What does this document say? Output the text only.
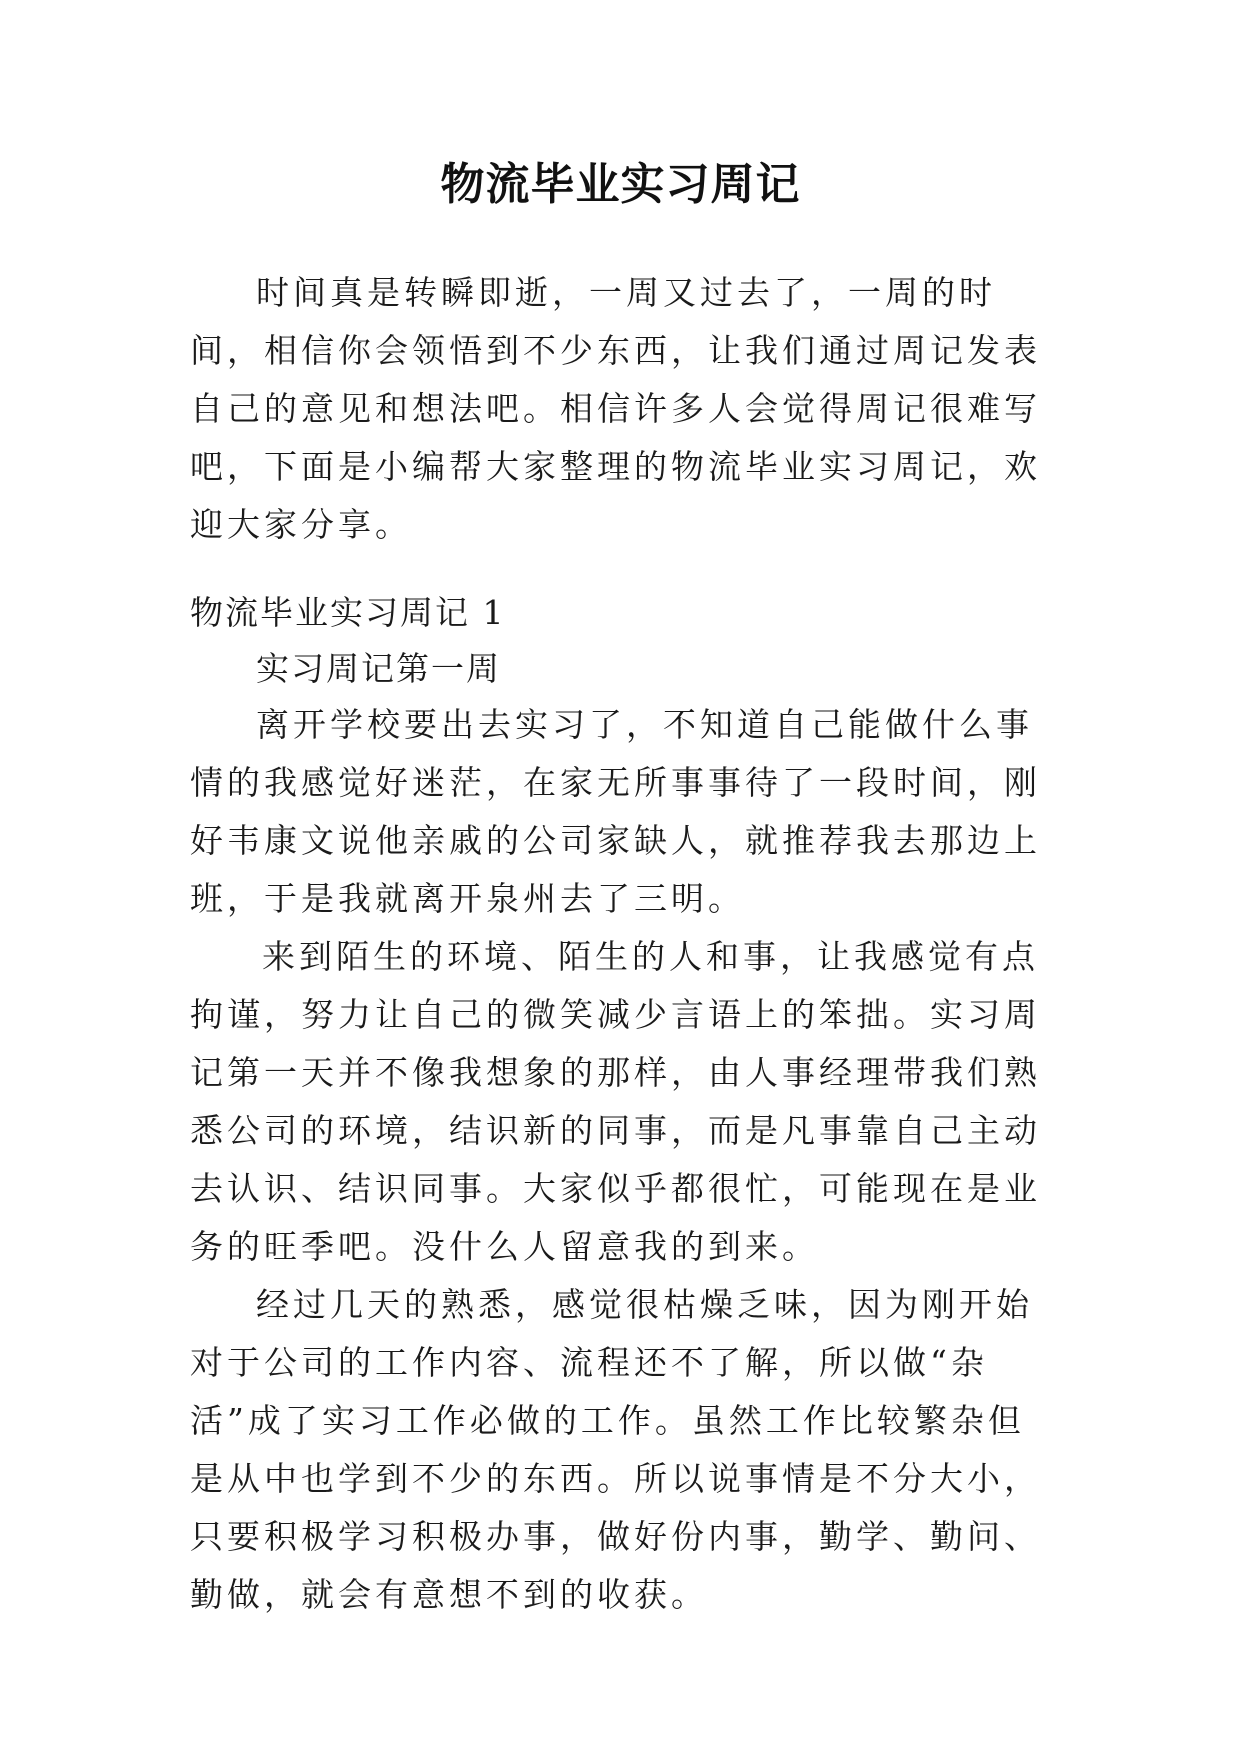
物流毕业实习周记

时间真是转瞬即逝，一周又过去了，一周的时间，相信你会领悟到不少东西，让我们通过周记发表自己的意见和想法吧。相信许多人会觉得周记很难写吧，下面是小编帮大家整理的物流毕业实习周记，欢迎大家分享。

物流毕业实习周记 1

实习周记第一周

离开学校要出去实习了，不知道自己能做什么事情的我感觉好迷茫，在家无所事事待了一段时间，刚好韦康文说他亲戚的公司家缺人，就推荐我去那边上班，于是我就离开泉州去了三明。

来到陌生的环境、陌生的人和事，让我感觉有点拘谨，努力让自己的微笑减少言语上的笨拙。实习周记第一天并不像我想象的那样，由人事经理带我们熟悉公司的环境，结识新的同事，而是凡事靠自己主动去认识、结识同事。大家似乎都很忙，可能现在是业务的旺季吧。没什么人留意我的到来。

经过几天的熟悉，感觉很枯燥乏味，因为刚开始对于公司的工作内容、流程还不了解，所以做“杂活”成了实习工作必做的工作。虽然工作比较繁杂但是从中也学到不少的东西。所以说事情是不分大小，只要积极学习积极办事，做好份内事，勤学、勤问、勤做，就会有意想不到的收获。
